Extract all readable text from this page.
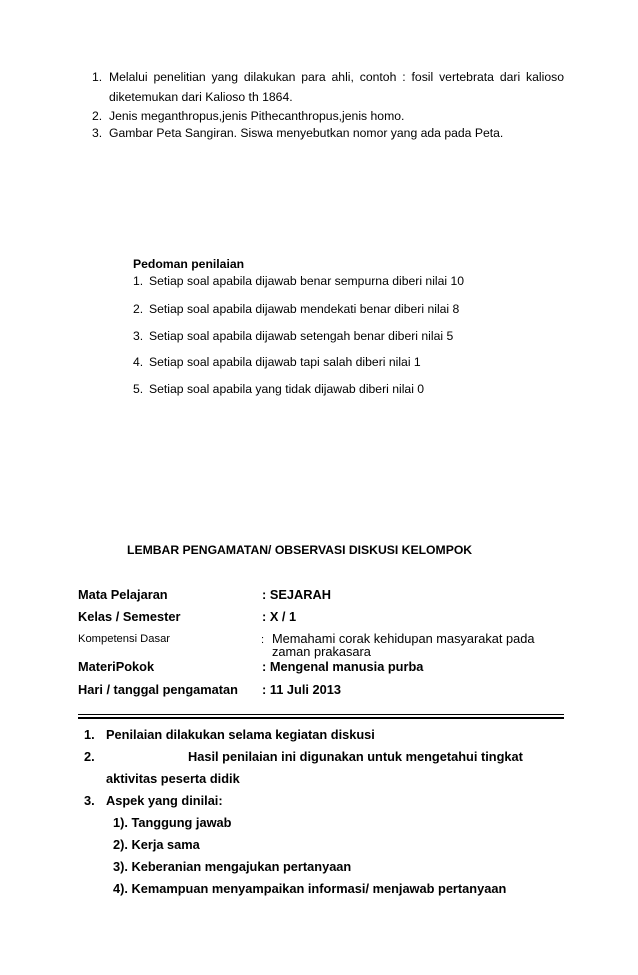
1. Melalui penelitian yang dilakukan para ahli, contoh : fosil vertebrata dari kalioso
diketemukan dari Kalioso th 1864.
2. Jenis meganthropus,jenis Pithecanthropus,jenis homo.
3. Gambar Peta Sangiran. Siswa menyebutkan nomor yang ada pada Peta.
Pedoman penilaian
1. Setiap soal apabila dijawab benar sempurna diberi nilai 10
2. Setiap soal apabila dijawab mendekati benar diberi nilai 8
3. Setiap soal apabila dijawab setengah benar diberi nilai 5
4. Setiap soal apabila dijawab tapi salah diberi nilai 1
5. Setiap soal apabila yang tidak dijawab diberi nilai 0
LEMBAR PENGAMATAN/ OBSERVASI DISKUSI KELOMPOK
Mata Pelajaran	: SEJARAH
Kelas / Semester	: X / 1
Kompetensi Dasar	: Memahami corak kehidupan masyarakat pada
zaman prakasara
MateriPokok	: Mengenal manusia purba
Hari / tanggal pengamatan : 11 Juli 2013
1. Penilaian dilakukan selama kegiatan diskusi
2.	Hasil penilaian ini digunakan untuk mengetahui tingkat
aktivitas peserta didik
3. Aspek yang dinilai:
1). Tanggung jawab
2). Kerja sama
3). Keberanian mengajukan pertanyaan
4). Kemampuan menyampaikan informasi/ menjawab pertanyaan
